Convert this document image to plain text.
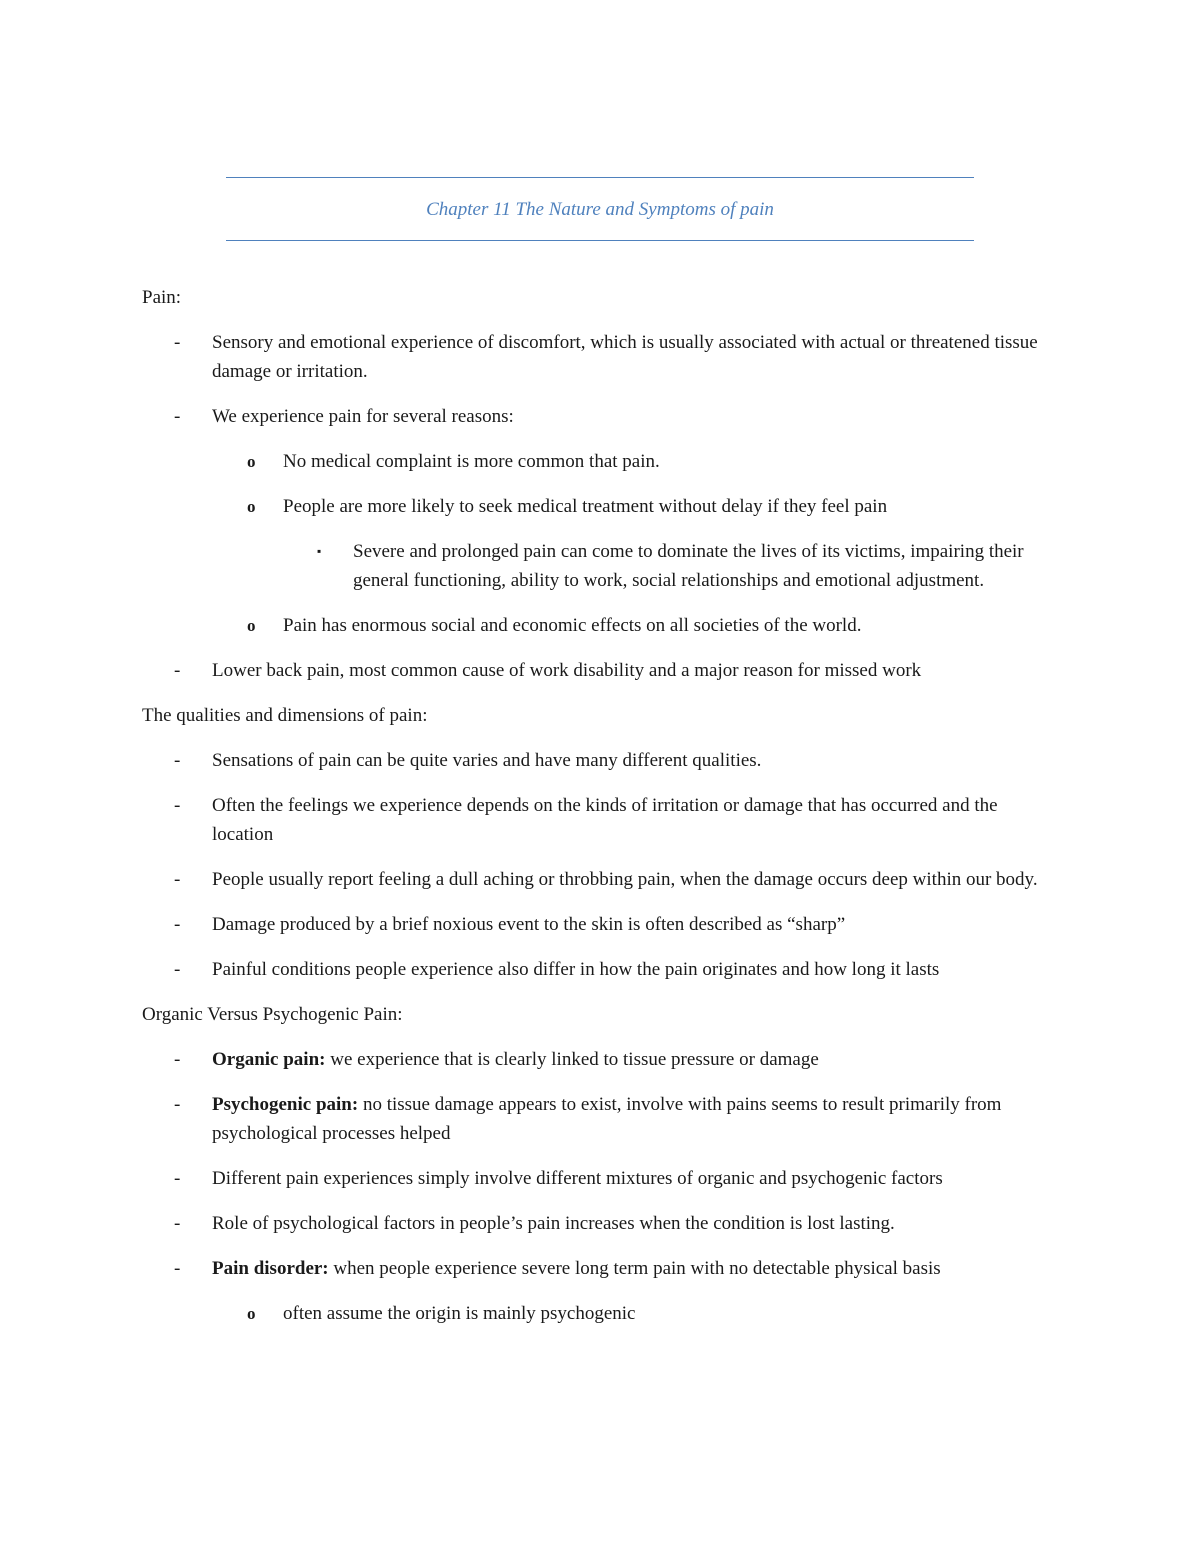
Chapter 11 The Nature and Symptoms of pain
Pain:
- Sensory and emotional experience of discomfort, which is usually associated with actual or threatened tissue damage or irritation.
- We experience pain for several reasons:
o No medical complaint is more common that pain.
o People are more likely to seek medical treatment without delay if they feel pain
▪ Severe and prolonged pain can come to dominate the lives of its victims, impairing their general functioning, ability to work, social relationships and emotional adjustment.
o Pain has enormous social and economic effects on all societies of the world.
- Lower back pain, most common cause of work disability and a major reason for missed work
The qualities and dimensions of pain:
- Sensations of pain can be quite varies and have many different qualities.
- Often the feelings we experience depends on the kinds of irritation or damage that has occurred and the location
- People usually report feeling a dull aching or throbbing pain, when the damage occurs deep within our body.
- Damage produced by a brief noxious event to the skin is often described as “sharp”
- Painful conditions people experience also differ in how the pain originates and how long it lasts
Organic Versus Psychogenic Pain:
- Organic pain: we experience that is clearly linked to tissue pressure or damage
- Psychogenic pain: no tissue damage appears to exist, involve with pains seems to result primarily from psychological processes helped
- Different pain experiences simply involve different mixtures of organic and psychogenic factors
- Role of psychological factors in people’s pain increases when the condition is lost lasting.
- Pain disorder: when people experience severe long term pain with no detectable physical basis
o often assume the origin is mainly psychogenic
